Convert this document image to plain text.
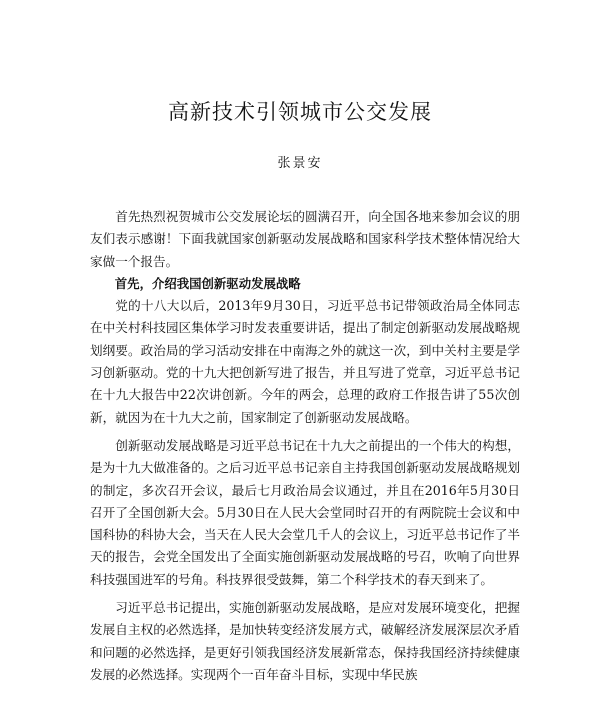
高新技术引领城市公交发展
张景安

首先热烈祝贺城市公交发展论坛的圆满召开，向全国各地来参加会议的朋友们表示感谢！下面我就国家创新驱动发展战略和国家科学技术整体情况给大家做一个报告。

首先，介绍我国创新驱动发展战略

党的十八大以后，2013年9月30日，习近平总书记带领政治局全体同志在中关村科技园区集体学习时发表重要讲话，提出了制定创新驱动发展战略规划纲要。政治局的学习活动安排在中南海之外的就这一次，到中关村主要是学习创新驱动。党的十九大把创新写进了报告，并且写进了党章，习近平总书记在十九大报告中22次讲创新。今年的两会，总理的政府工作报告讲了55次创新，就因为在十九大之前，国家制定了创新驱动发展战略。

创新驱动发展战略是习近平总书记在十九大之前提出的一个伟大的构想，是为十九大做准备的。之后习近平总书记亲自主持我国创新驱动发展战略规划的制定，多次召开会议，最后七月政治局会议通过，并且在2016年5月30日召开了全国创新大会。5月30日在人民大会堂同时召开的有两院院士会议和中国科协的科协大会，当天在人民大会堂几千人的会议上，习近平总书记作了半天的报告，会党全国发出了全面实施创新驱动发展战略的号召，吹响了向世界科技强国进军的号角。科技界很受鼓舞，第二个科学技术的春天到来了。

习近平总书记提出，实施创新驱动发展战略，是应对发展环境变化，把握发展自主权的必然选择，是加快转变经济发展方式，破解经济发展深层次矛盾和问题的必然选择，是更好引领我国经济发展新常态，保持我国经济持续健康发展的必然选择。实现两个一百年奋斗目标，实现中华民族
